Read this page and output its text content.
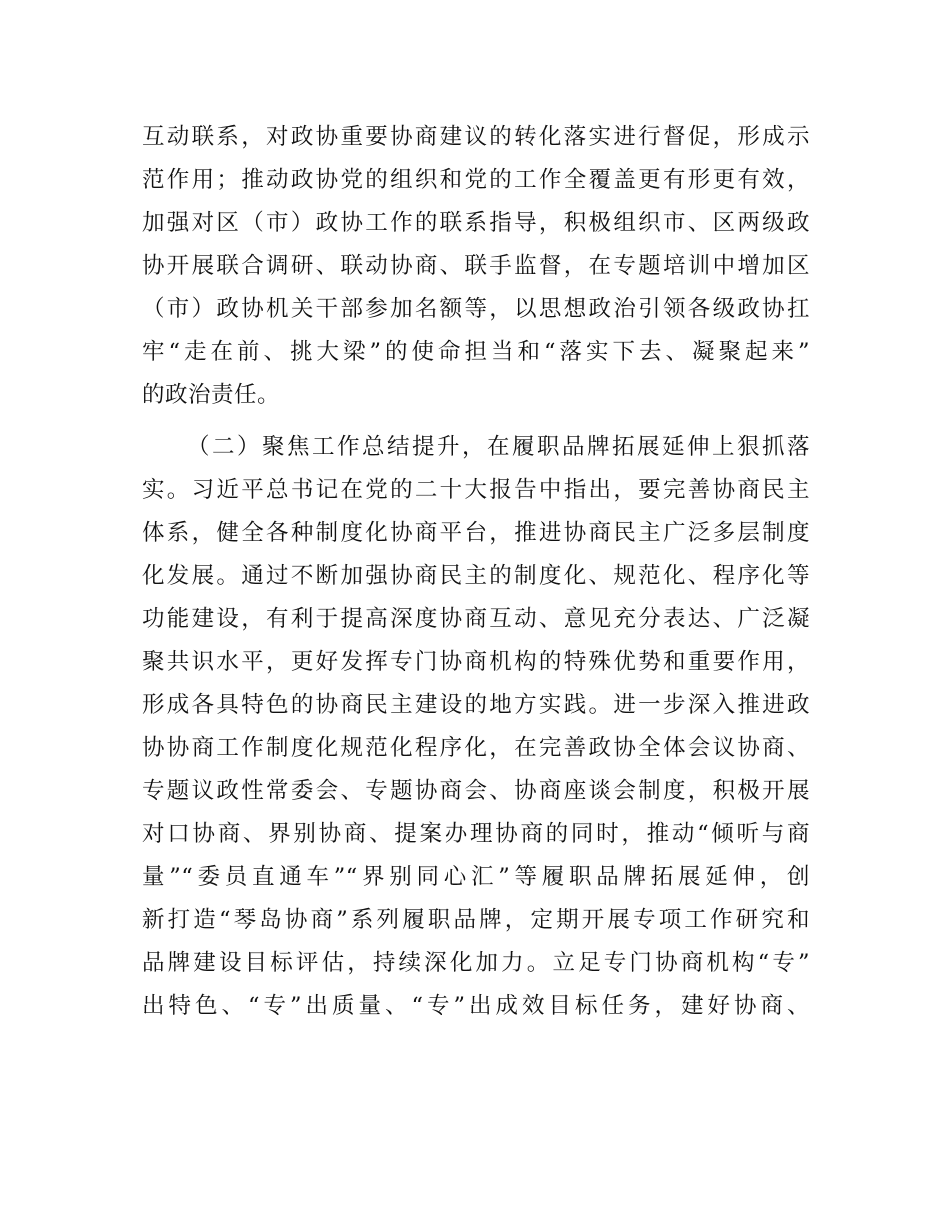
互动联系，对政协重要协商建议的转化落实进行督促，形成示
范作用；推动政协党的组织和党的工作全覆盖更有形更有效，
加强对区（市）政协工作的联系指导，积极组织市、区两级政
协开展联合调研、联动协商、联手监督，在专题培训中增加区
（市）政协机关干部参加名额等，以思想政治引领各级政协扛
牢“走在前、挑大梁”的使命担当和“落实下去、凝聚起来”
的政治责任。
（二）聚焦工作总结提升，在履职品牌拓展延伸上狠抓落
实。习近平总书记在党的二十大报告中指出，要完善协商民主
体系，健全各种制度化协商平台，推进协商民主广泛多层制度
化发展。通过不断加强协商民主的制度化、规范化、程序化等
功能建设，有利于提高深度协商互动、意见充分表达、广泛凝
聚共识水平，更好发挥专门协商机构的特殊优势和重要作用，
形成各具特色的协商民主建设的地方实践。进一步深入推进政
协协商工作制度化规范化程序化，在完善政协全体会议协商、
专题议政性常委会、专题协商会、协商座谈会制度，积极开展
对口协商、界别协商、提案办理协商的同时，推动“倾听与商
量”“委员直通车”“界别同心汇”等履职品牌拓展延伸，创
新打造“琴岛协商”系列履职品牌，定期开展专项工作研究和
品牌建设目标评估，持续深化加力。立足专门协商机构“专”
出特色、“专”出质量、“专”出成效目标任务，建好协商、
